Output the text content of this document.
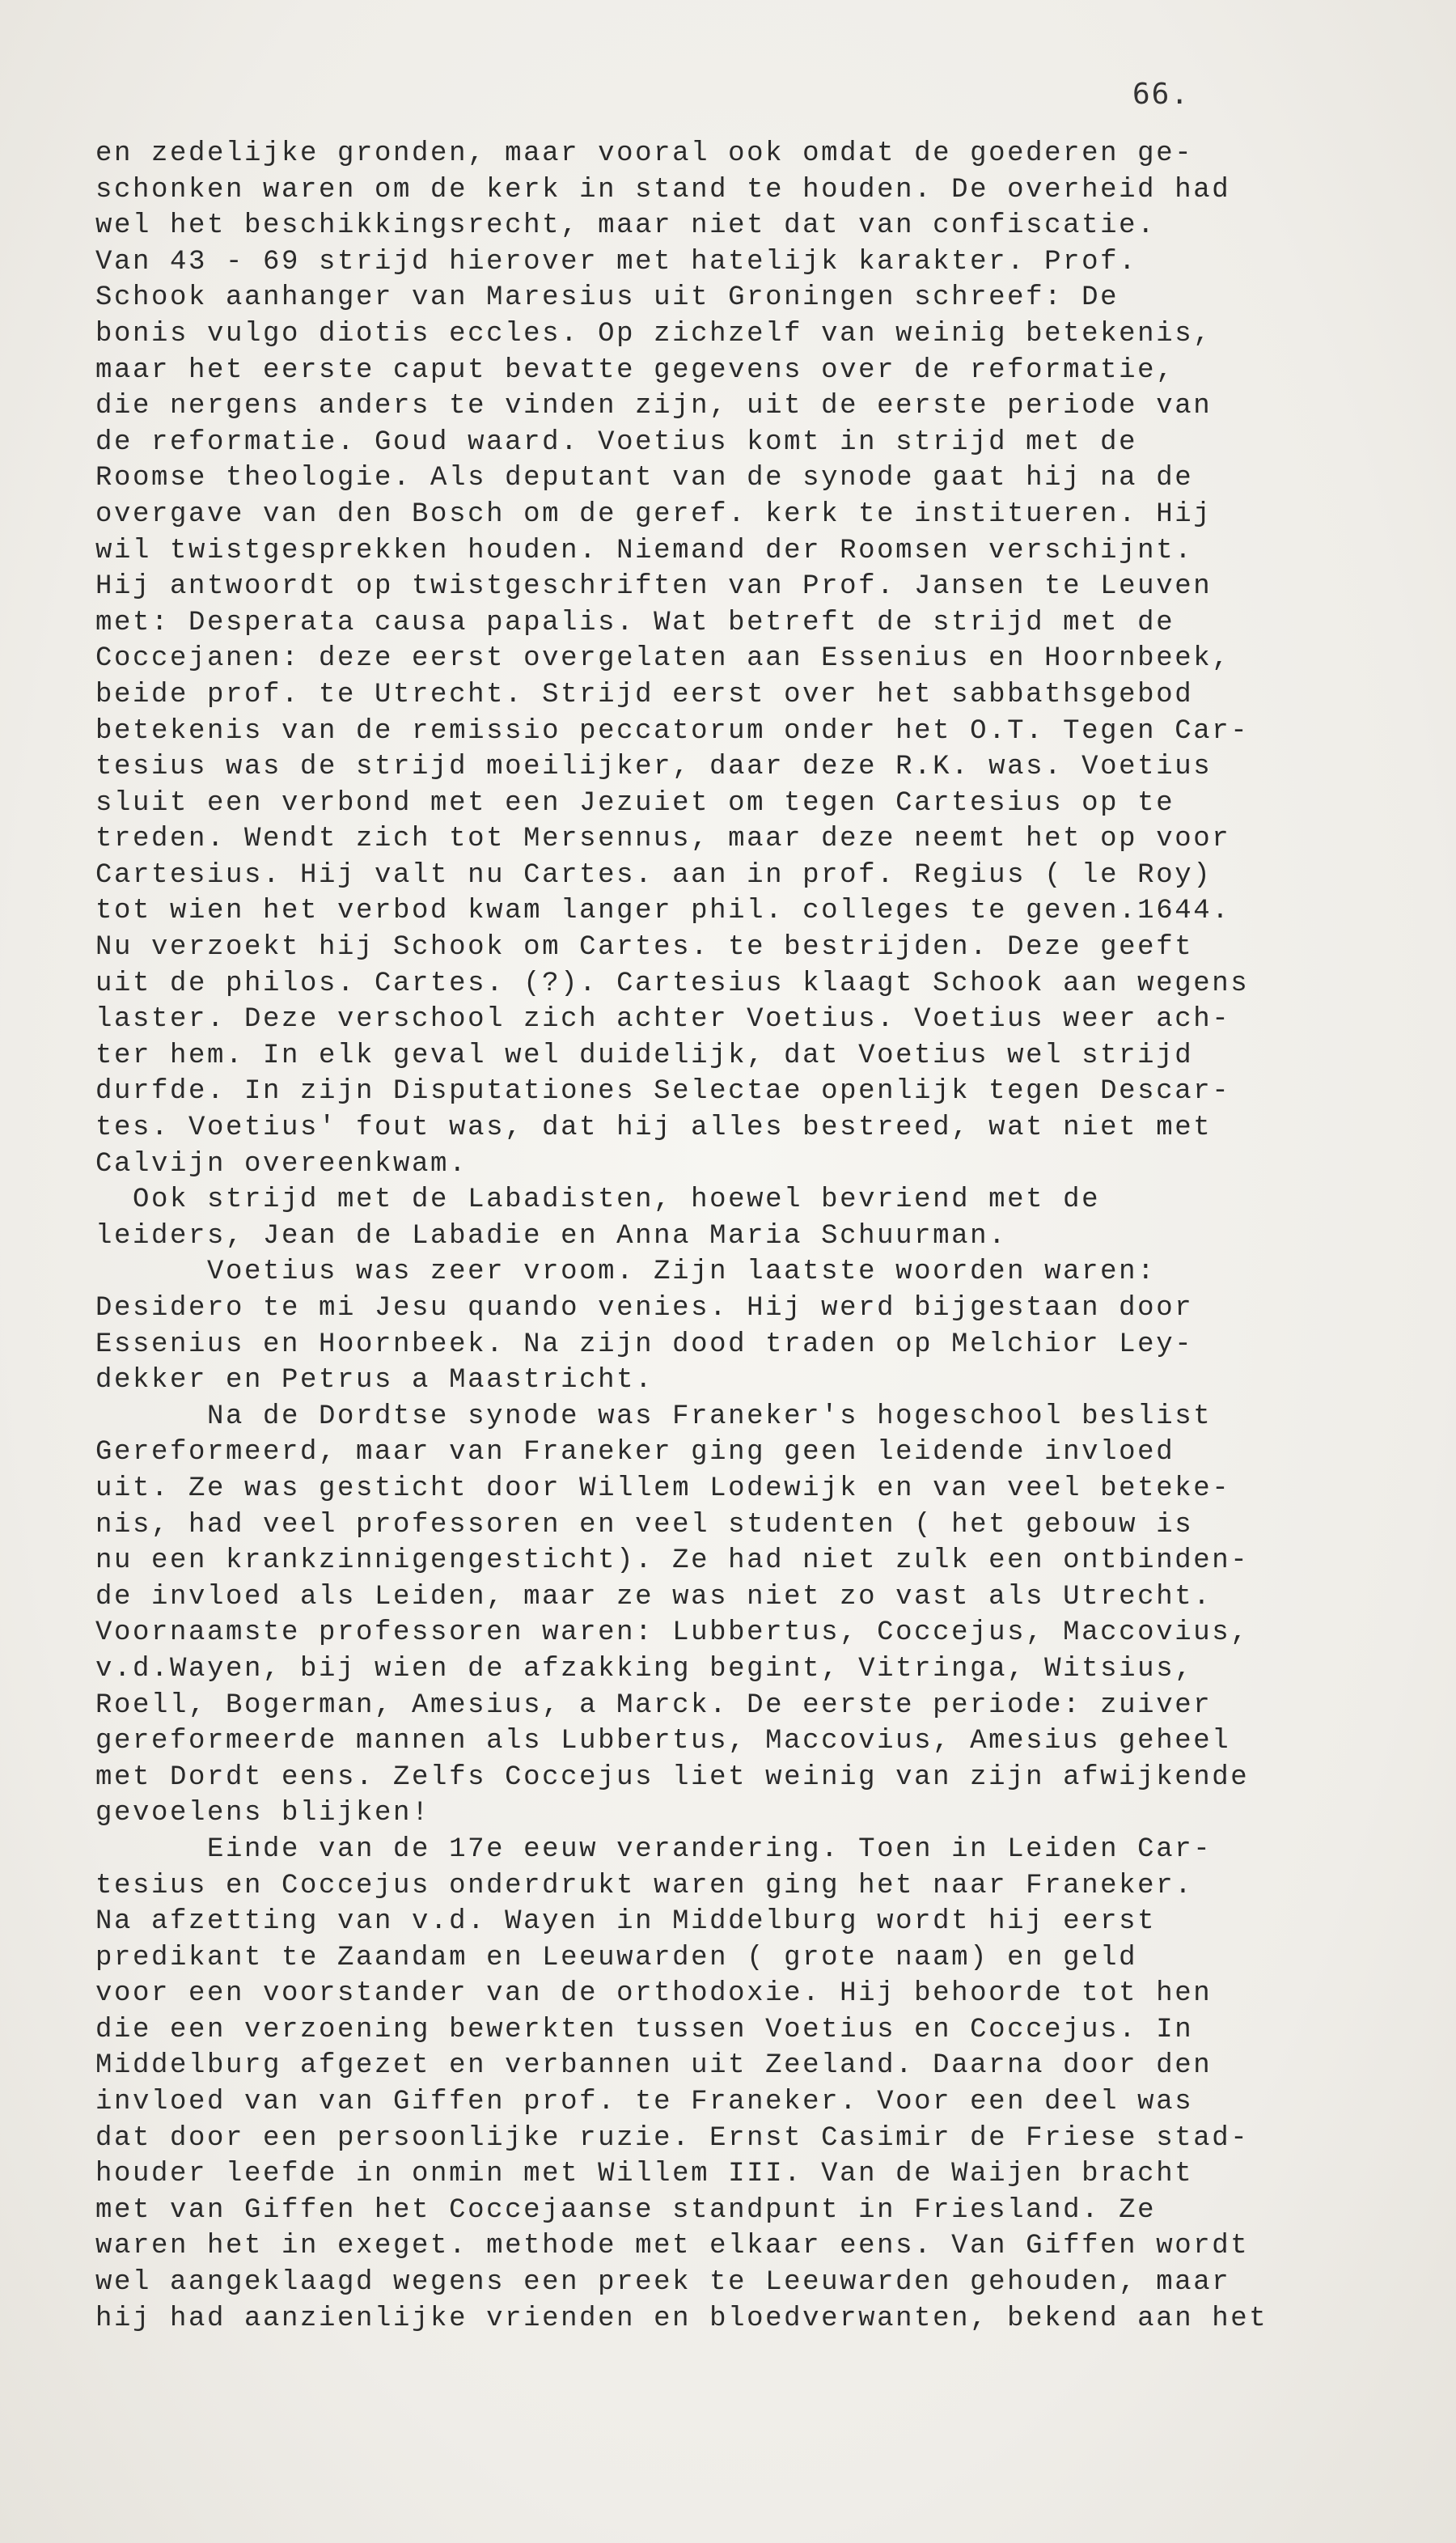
66.
en zedelijke gronden, maar vooral ook omdat de goederen ge-
schonken waren om de kerk in stand te houden. De overheid had
wel het beschikkingsrecht, maar niet dat van confiscatie.
Van 43 - 69 strijd hierover met hatelijk karakter. Prof.
Schook aanhanger van Maresius uit Groningen schreef: De
bonis vulgo diotis eccles. Op zichzelf van weinig betekenis,
maar het eerste caput bevatte gegevens over de reformatie,
die nergens anders te vinden zijn, uit de eerste periode van
de reformatie. Goud waard. Voetius komt in strijd met de
Roomse theologie. Als deputant van de synode gaat hij na de
overgave van den Bosch om de geref. kerk te institueren. Hij
wil twistgesprekken houden. Niemand der Roomsen verschijnt.
Hij antwoordt op twistgeschriften van Prof. Jansen te Leuven
met: Desperata causa papalis. Wat betreft de strijd met de
Coccejanen: deze eerst overgelaten aan Essenius en Hoornbeek,
beide prof. te Utrecht. Strijd eerst over het sabbathsgebod
betekenis van de remissio peccatorum onder het O.T. Tegen Car-
tesius was de strijd moeilijker, daar deze R.K. was. Voetius
sluit een verbond met een Jezuiet om tegen Cartesius op te
treden. Wendt zich tot Mersennus, maar deze neemt het op voor
Cartesius. Hij valt nu Cartes. aan in prof. Regius ( le Roy)
tot wien het verbod kwam langer phil. colleges te geven.1644.
Nu verzoekt hij Schook om Cartes. te bestrijden. Deze geeft
uit de philos. Cartes. (?). Cartesius klaagt Schook aan wegens
laster. Deze verschool zich achter Voetius. Voetius weer ach-
ter hem. In elk geval wel duidelijk, dat Voetius wel strijd
durfde. In zijn Disputationes Selectae openlijk tegen Descar-
tes. Voetius' fout was, dat hij alles bestreed, wat niet met
Calvijn overeenkwam.
Ook strijd met de Labadisten, hoewel bevriend met de
leiders, Jean de Labadie en Anna Maria Schuurman.
Voetius was zeer vroom. Zijn laatste woorden waren:
Desidero te mi Jesu quando venies. Hij werd bijgestaan door
Essenius en Hoornbeek. Na zijn dood traden op Melchior Ley-
dekker en Petrus a Maastricht.
Na de Dordtse synode was Franeker's hogeschool beslist
Gereformeerd, maar van Franeker ging geen leidende invloed
uit. Ze was gesticht door Willem Lodewijk en van veel beteke-
nis, had veel professoren en veel studenten ( het gebouw is
nu een krankzinnigengesticht). Ze had niet zulk een ontbinden-
de invloed als Leiden, maar ze was niet zo vast als Utrecht.
Voornaamste professoren waren: Lubbertus, Coccejus, Maccovius,
v.d.Wayen, bij wien de afzakking begint, Vitringa, Witsius,
Roell, Bogerman, Amesius, a Marck. De eerste periode: zuiver
gereformeerde mannen als Lubbertus, Maccovius, Amesius geheel
met Dordt eens. Zelfs Coccejus liet weinig van zijn afwijkende
gevoelens blijken!
Einde van de 17e eeuw verandering. Toen in Leiden Car-
tesius en Coccejus onderdrukt waren ging het naar Franeker.
Na afzetting van v.d. Wayen in Middelburg wordt hij eerst
predikant te Zaandam en Leeuwarden ( grote naam) en geld
voor een voorstander van de orthodoxie. Hij behoorde tot hen
die een verzoening bewerkten tussen Voetius en Coccejus. In
Middelburg afgezet en verbannen uit Zeeland. Daarna door den
invloed van van Giffen prof. te Franeker. Voor een deel was
dat door een persoonlijke ruzie. Ernst Casimir de Friese stad-
houder leefde in onmin met Willem III. Van de Waijen bracht
met van Giffen het Coccejaanse standpunt in Friesland. Ze
waren het in exeget. methode met elkaar eens. Van Giffen wordt
wel aangeklaagd wegens een preek te Leeuwarden gehouden, maar
hij had aanzienlijke vrienden en bloedverwanten, bekend aan het
